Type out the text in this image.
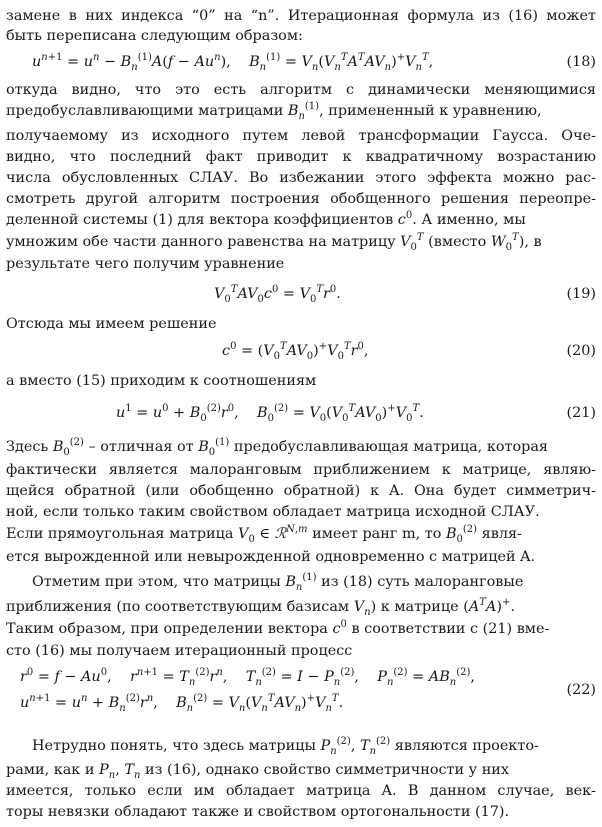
замене в них индекса “0” на “n”. Итерационная формула из (16) может
быть переписана следующим образом:
$u^{n+1} = u^n - B_n^{(1)}A(f - Au^n)$,    $B_n^{(1)} = V_n(V_n^TA^TAV_n)^+V_n^T$,	(18)
откуда видно, что это есть алгоритм с динамически меняющимися
предобуславливающими матрицами $B_n^{(1)}$, примененный к уравнению,
получаемому из исходного путем левой трансформации Гаусса. Оче-
видно, что последний факт приводит к квадратичному возрастанию
числа обусловленных СЛАУ. Во избежании этого эффекта можно рас-
смотреть другой алгоритм построения обобщенного решения переопре-
деленной системы (1) для вектора коэффициентов $c^0$. А именно, мы
умножим обе части данного равенства на матрицу $V_0^T$ (вместо $W_0^T$), в
результате чего получим уравнение
$V_0^TAV_0c^0 = V_0^Tr^0$.	(19)
Отсюда мы имеем решение
$c^0 = (V_0^TAV_0)^+V_0^Tr^0$,	(20)
а вместо (15) приходим к соотношениям
$u^1 = u^0 + B_0^{(2)}r^0$,    $B_0^{(2)} = V_0(V_0^TAV_0)^+V_0^T$.	(21)
Здесь $B_0^{(2)}$ – отличная от $B_0^{(1)}$ предобуславливающая матрица, которая
фактически является малоранговым приближением к матрице, являю-
щейся обратной (или обобщенно обратной) к A. Она будет симметрич-
ной, если только таким свойством обладает матрица исходной СЛАУ.
Если прямоугольная матрица $V_0$ ∈ ℛ$^{N,m}$ имеет ранг m, то $B_0^{(2)}$ явля-
ется вырожденной или невырожденной одновременно с матрицей A.
Отметим при этом, что матрицы $B_n^{(1)}$ из (18) суть малоранговые
приближения (по соответствующим базисам $V_n$) к матрице $(A^TA)^+$.
Таким образом, при определении вектора $c^0$ в соответствии с (21) вме-
сто (16) мы получаем итерационный процесс
$r^0 = f - Au^0$,    $r^{n+1} = T_n^{(2)}r^n$,    $T_n^{(2)} = I - P_n^{(2)}$,    $P_n^{(2)} = AB_n^{(2)}$,
$u^{n+1} = u^n + B_n^{(2)}r^n$,    $B_n^{(2)} = V_n(V_n^TAV_n)^+V_n^T$.
(22)
Нетрудно понять, что здесь матрицы $P_n^{(2)}$, $T_n^{(2)}$ являются проекто-
рами, как и $P_n$, $T_n$ из (16), однако свойство симметричности у них
имеется, только если им обладает матрица A. В данном случае, век-
торы невязки обладают также и свойством ортогональности (17).
